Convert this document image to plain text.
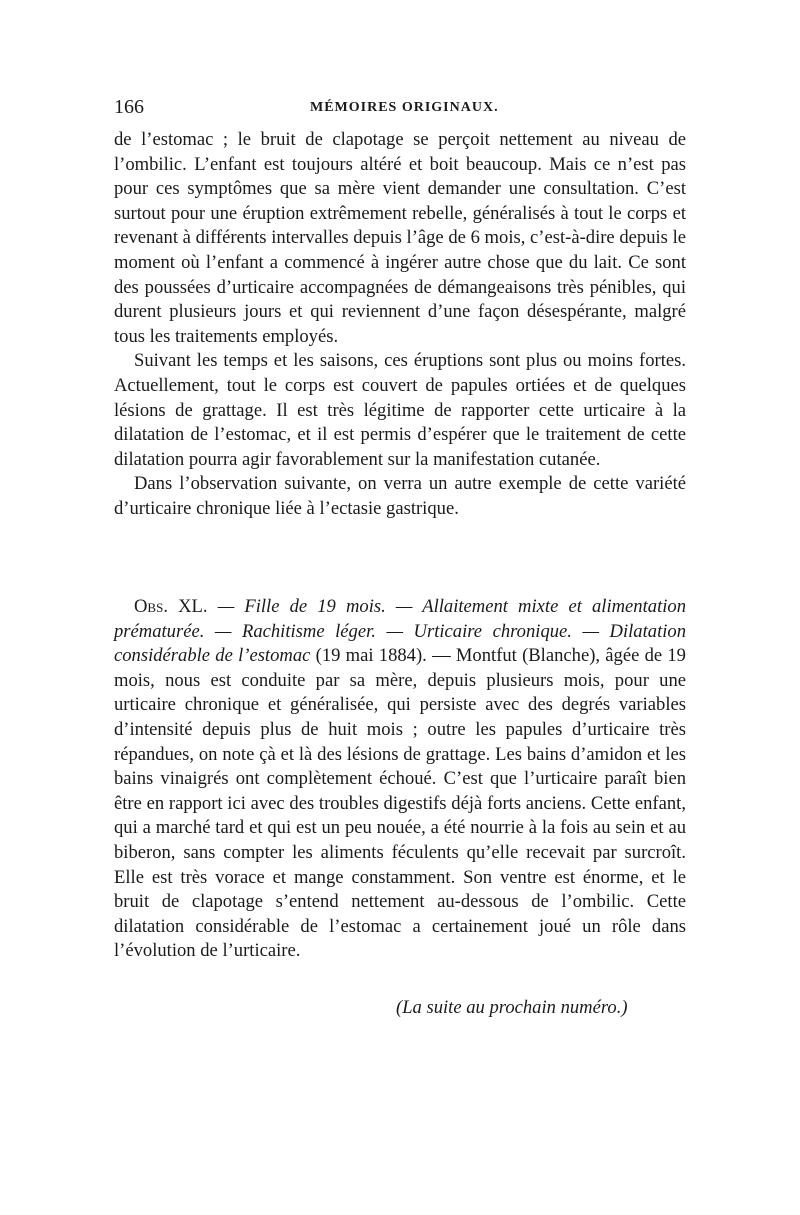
166	MÉMOIRES ORIGINAUX.

de l’estomac ; le bruit de clapotage se perçoit nettement au niveau de l’ombilic. L’enfant est toujours altéré et boit beaucoup. Mais ce n’est pas pour ces symptômes que sa mère vient demander une consultation. C’est surtout pour une éruption extrêmement rebelle, généralisés à tout le corps et revenant à différents intervalles depuis l’âge de 6 mois, c’est-à-dire depuis le moment où l’enfant a commencé à ingérer autre chose que du lait. Ce sont des poussées d’urticaire accompagnées de démangeaisons très pénibles, qui durent plusieurs jours et qui reviennent d’une façon désespérante, malgré tous les traitements employés.

Suivant les temps et les saisons, ces éruptions sont plus ou moins fortes. Actuellement, tout le corps est couvert de papules ortiées et de quelques lésions de grattage. Il est très légitime de rapporter cette urticaire à la dilatation de l’estomac, et il est permis d’espérer que le traitement de cette dilatation pourra agir favorablement sur la manifestation cutanée.

Dans l’observation suivante, on verra un autre exemple de cette variété d’urticaire chronique liée à l’ectasie gastrique.

Obs. XL. — Fille de 19 mois. — Allaitement mixte et alimentation prématurée. — Rachitisme léger. — Urticaire chronique. — Dilatation considérable de l’estomac (19 mai 1884). — Montfut (Blanche), âgée de 19 mois, nous est conduite par sa mère, depuis plusieurs mois, pour une urticaire chronique et généralisée, qui persiste avec des degrés variables d’intensité depuis plus de huit mois ; outre les papules d’urticaire très répandues, on note çà et là des lésions de grattage. Les bains d’amidon et les bains vinaigrés ont complètement échoué. C’est que l’urticaire paraît bien être en rapport ici avec des troubles digestifs déjà forts anciens. Cette enfant, qui a marché tard et qui est un peu nouée, a été nourrie à la fois au sein et au biberon, sans compter les aliments féculents qu’elle recevait par surcroît. Elle est très vorace et mange constamment. Son ventre est énorme, et le bruit de clapotage s’entend nettement au-dessous de l’ombilic. Cette dilatation considérable de l’estomac a certainement joué un rôle dans l’évolution de l’urticaire.

(La suite au prochain numéro.)
